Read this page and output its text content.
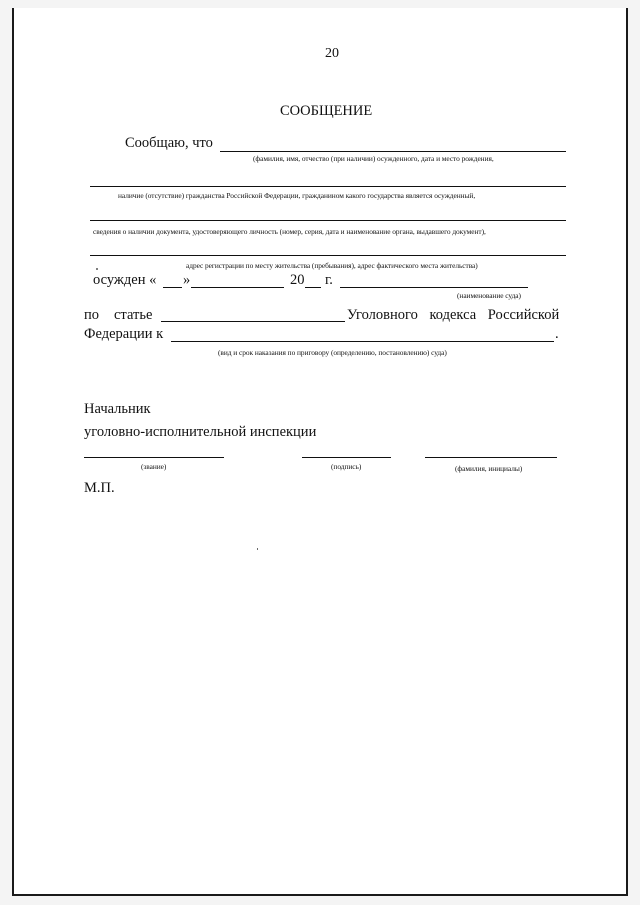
20
СООБЩЕНИЕ
Сообщаю, что
(фамилия, имя, отчество (при наличии) осужденного, дата и место рождения,
наличие (отсутствие) гражданства Российской Федерации, гражданином какого государства является осужденный,
сведения о наличии документа, удостоверяющего личность (номер, серия, дата и наименование органа, выдавшего документ),
адрес регистрации по месту жительства (пребывания), адрес фактического места жительства)
осужден « »	20 г.
(наименование суда)
по статье	Уголовного кодекса Российской
Федерации к	.
(вид и срок наказания по приговору (определению, постановлению) суда)
Начальник
уголовно-исполнительной инспекции
(звание)	(подпись)	(фамилия, инициалы)
М.П.
